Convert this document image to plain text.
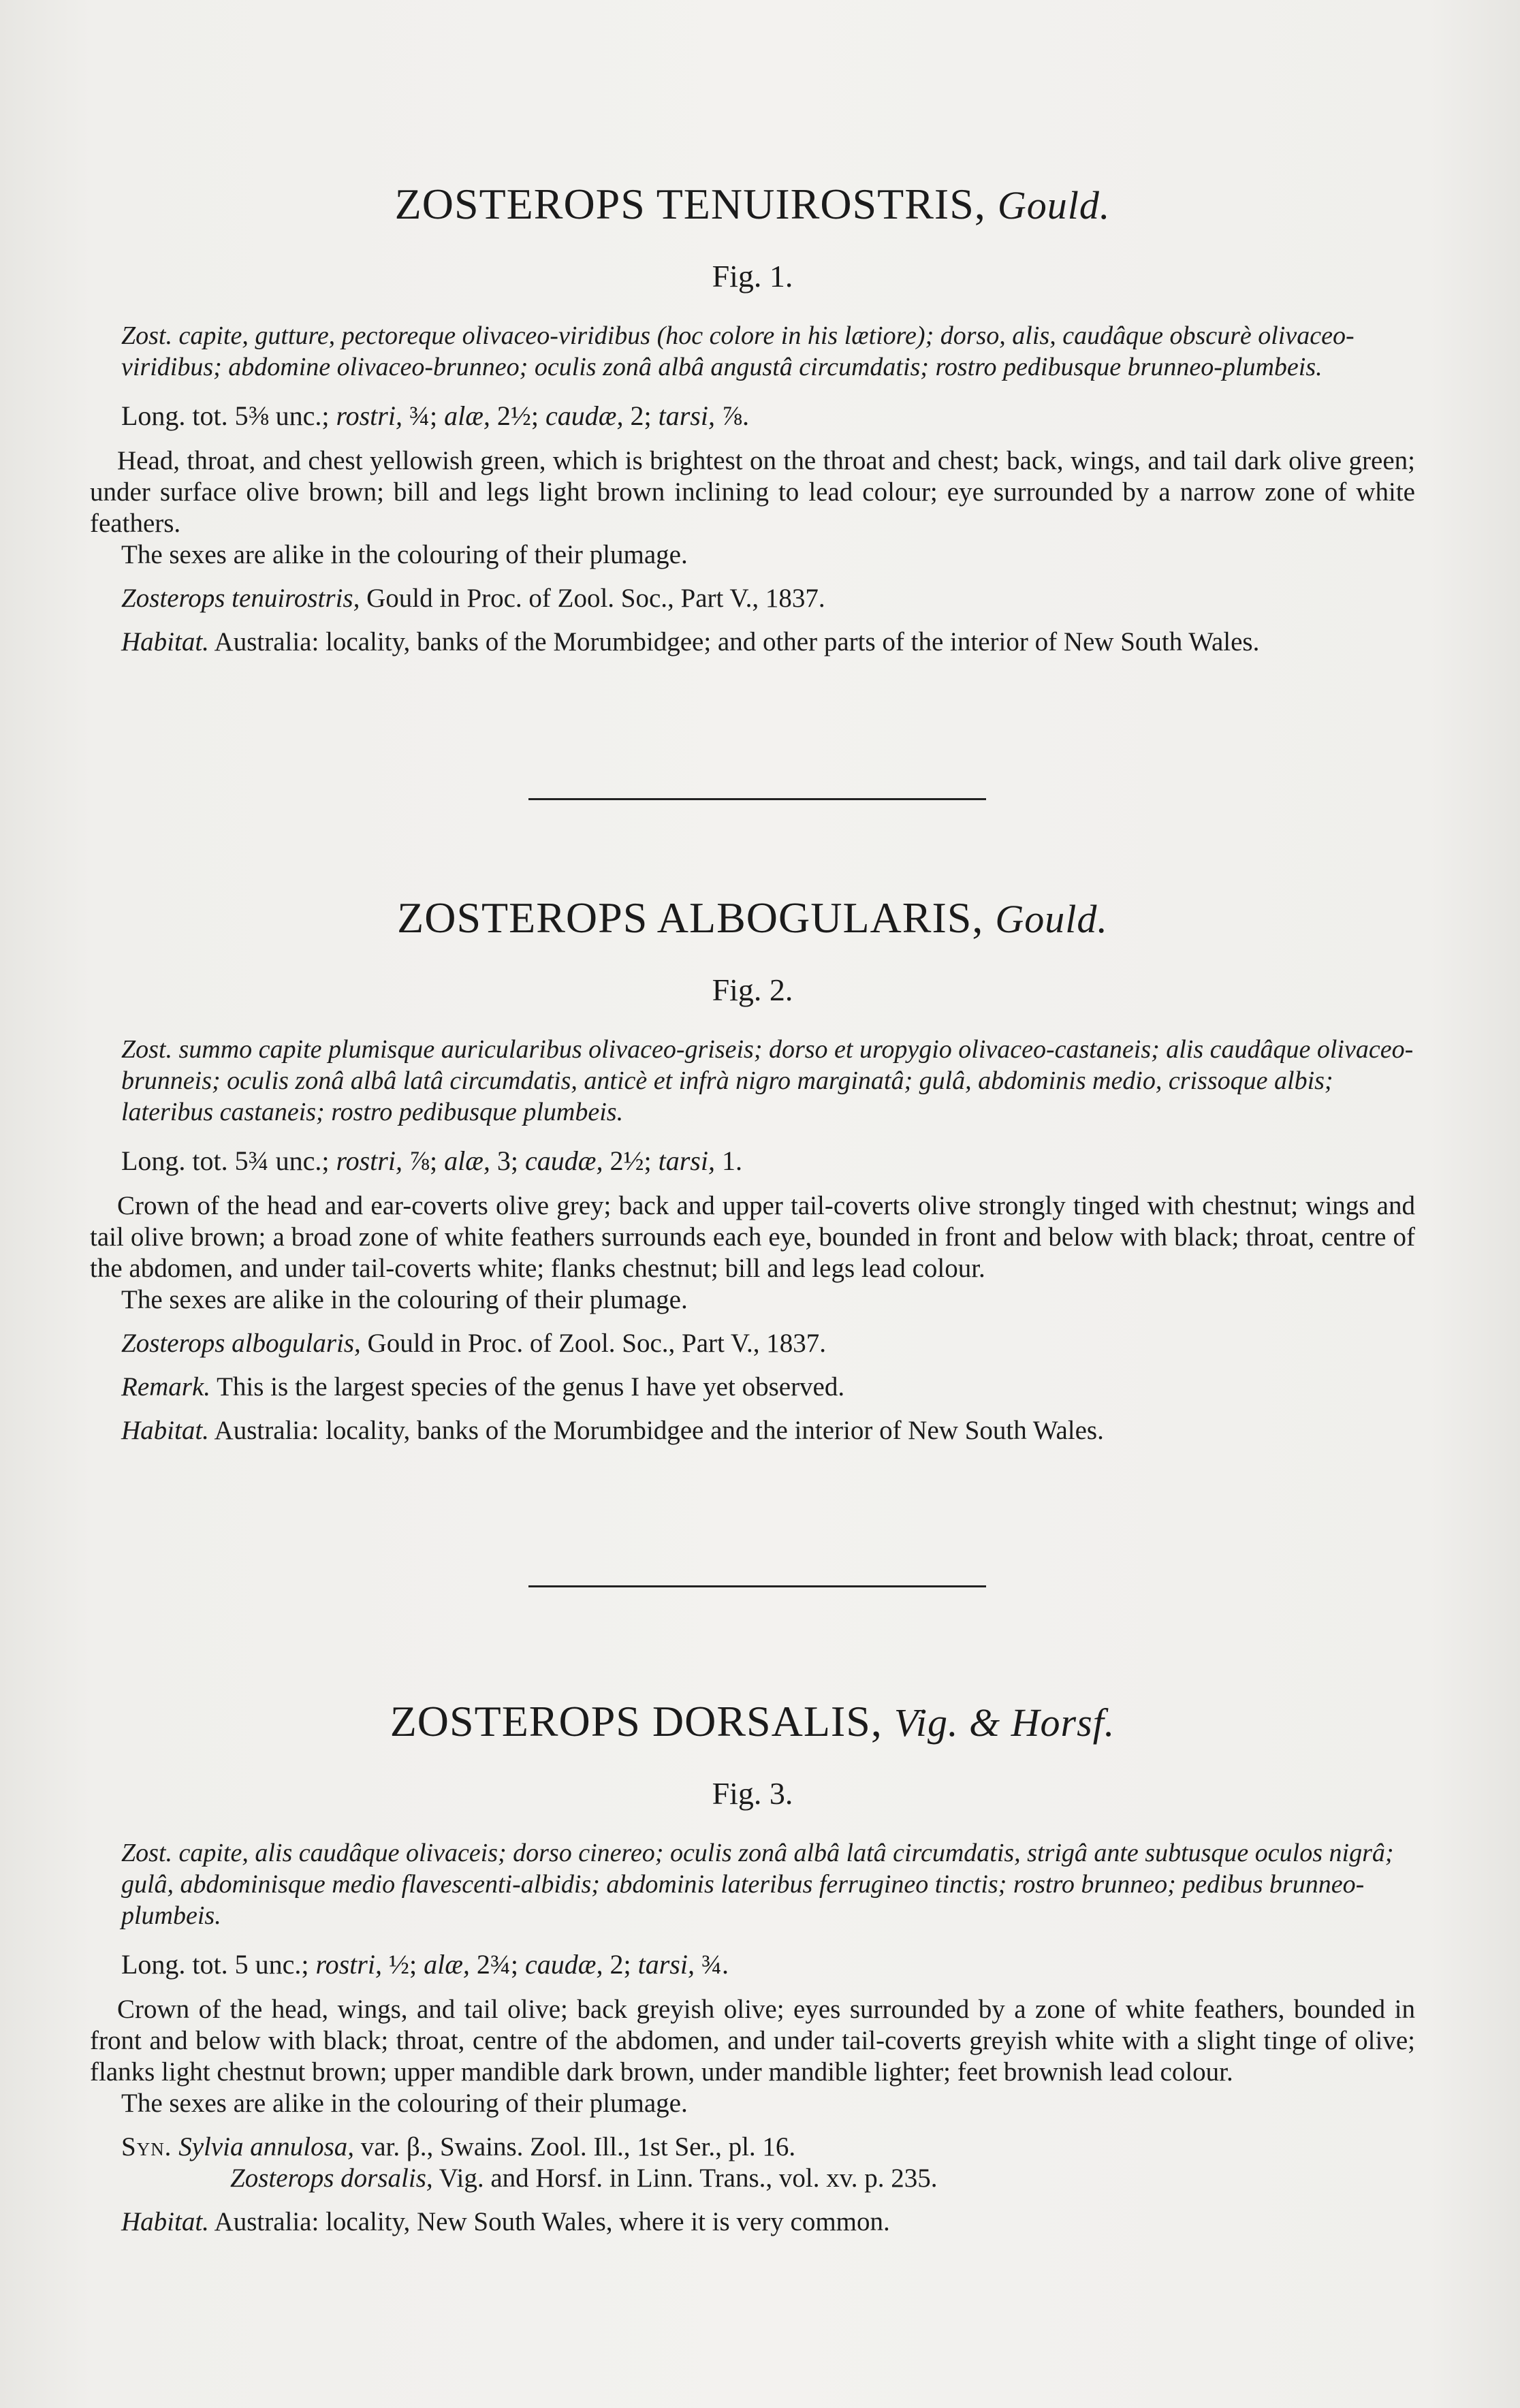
ZOSTEROPS TENUIROSTRIS, Gould.
Fig. 1.

Zost. capite, gutture, pectoreque olivaceo-viridibus (hoc colore in his lætiore); dorso, alis, caudâque obscurè olivaceo-viridibus; abdomine olivaceo-brunneo; oculis zonâ albâ angustâ circumdatis; rostro pedibusque brunneo-plumbeis.

Long. tot. 5⅜ unc.; rostri, ¾; alæ, 2½; caudæ, 2; tarsi, ⅞.

Head, throat, and chest yellowish green, which is brightest on the throat and chest; back, wings, and tail dark olive green; under surface olive brown; bill and legs light brown inclining to lead colour; eye surrounded by a narrow zone of white feathers.

The sexes are alike in the colouring of their plumage.

Zosterops tenuirostris, Gould in Proc. of Zool. Soc., Part V., 1837.

Habitat. Australia: locality, banks of the Morumbidgee; and other parts of the interior of New South Wales.

ZOSTEROPS ALBOGULARIS, Gould.
Fig. 2.

Zost. summo capite plumisque auricularibus olivaceo-griseis; dorso et uropygio olivaceo-castaneis; alis caudâque olivaceo-brunneis; oculis zonâ albâ latâ circumdatis, anticè et infrà nigro marginatâ; gulâ, abdominis medio, crissoque albis; lateribus castaneis; rostro pedibusque plumbeis.

Long. tot. 5¾ unc.; rostri, ⅞; alæ, 3; caudæ, 2½; tarsi, 1.

Crown of the head and ear-coverts olive grey; back and upper tail-coverts olive strongly tinged with chestnut; wings and tail olive brown; a broad zone of white feathers surrounds each eye, bounded in front and below with black; throat, centre of the abdomen, and under tail-coverts white; flanks chestnut; bill and legs lead colour.

The sexes are alike in the colouring of their plumage.

Zosterops albogularis, Gould in Proc. of Zool. Soc., Part V., 1837.

Remark. This is the largest species of the genus I have yet observed.

Habitat. Australia: locality, banks of the Morumbidgee and the interior of New South Wales.

ZOSTEROPS DORSALIS, Vig. & Horsf.
Fig. 3.

Zost. capite, alis caudâque olivaceis; dorso cinereo; oculis zonâ albâ latâ circumdatis, strigâ ante subtusque oculos nigrâ; gulâ, abdominisque medio flavescenti-albidis; abdominis lateribus ferrugineo tinctis; rostro brunneo; pedibus brunneo-plumbeis.

Long. tot. 5 unc.; rostri, ½; alæ, 2¾; caudæ, 2; tarsi, ¾.

Crown of the head, wings, and tail olive; back greyish olive; eyes surrounded by a zone of white feathers, bounded in front and below with black; throat, centre of the abdomen, and under tail-coverts greyish white with a slight tinge of olive; flanks light chestnut brown; upper mandible dark brown, under mandible lighter; feet brownish lead colour.

The sexes are alike in the colouring of their plumage.

Syn. Sylvia annulosa, var. β., Swains. Zool. Ill., 1st Ser., pl. 16.
Zosterops dorsalis, Vig. and Horsf. in Linn. Trans., vol. xv. p. 235.

Habitat. Australia: locality, New South Wales, where it is very common.
